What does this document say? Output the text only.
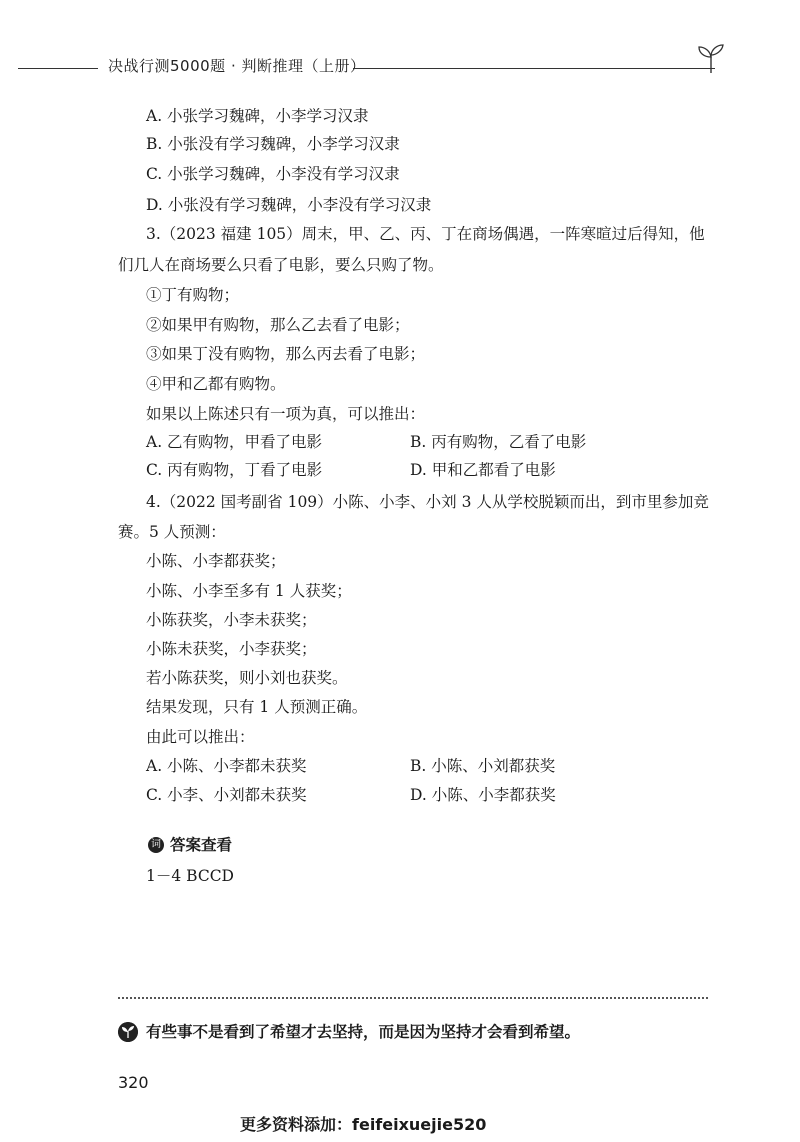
决战行测5000题 · 判断推理（上册）
A. 小张学习魏碑，小李学习汉隶
B. 小张没有学习魏碑，小李学习汉隶
C. 小张学习魏碑，小李没有学习汉隶
D. 小张没有学习魏碑，小李没有学习汉隶
3.（2023 福建 105）周末，甲、乙、丙、丁在商场偶遇，一阵寒暄过后得知，他
们几人在商场要么只看了电影，要么只购了物。
①丁有购物；
②如果甲有购物，那么乙去看了电影；
③如果丁没有购物，那么丙去看了电影；
④甲和乙都有购物。
如果以上陈述只有一项为真，可以推出：
A. 乙有购物，甲看了电影	B. 丙有购物，乙看了电影
C. 丙有购物，丁看了电影	D. 甲和乙都看了电影
4.（2022 国考副省 109）小陈、小李、小刘 3 人从学校脱颖而出，到市里参加竞
赛。5 人预测：
小陈、小李都获奖；
小陈、小李至多有 1 人获奖；
小陈获奖，小李未获奖；
小陈未获奖，小李获奖；
若小陈获奖，则小刘也获奖。
结果发现，只有 1 人预测正确。
由此可以推出：
A. 小陈、小李都未获奖	B. 小陈、小刘都获奖
C. 小李、小刘都未获奖	D. 小陈、小李都获奖
词 答案查看
1－4 BCCD
有些事不是看到了希望才去坚持，而是因为坚持才会看到希望。
320
更多资料添加：feifeixuejie520
